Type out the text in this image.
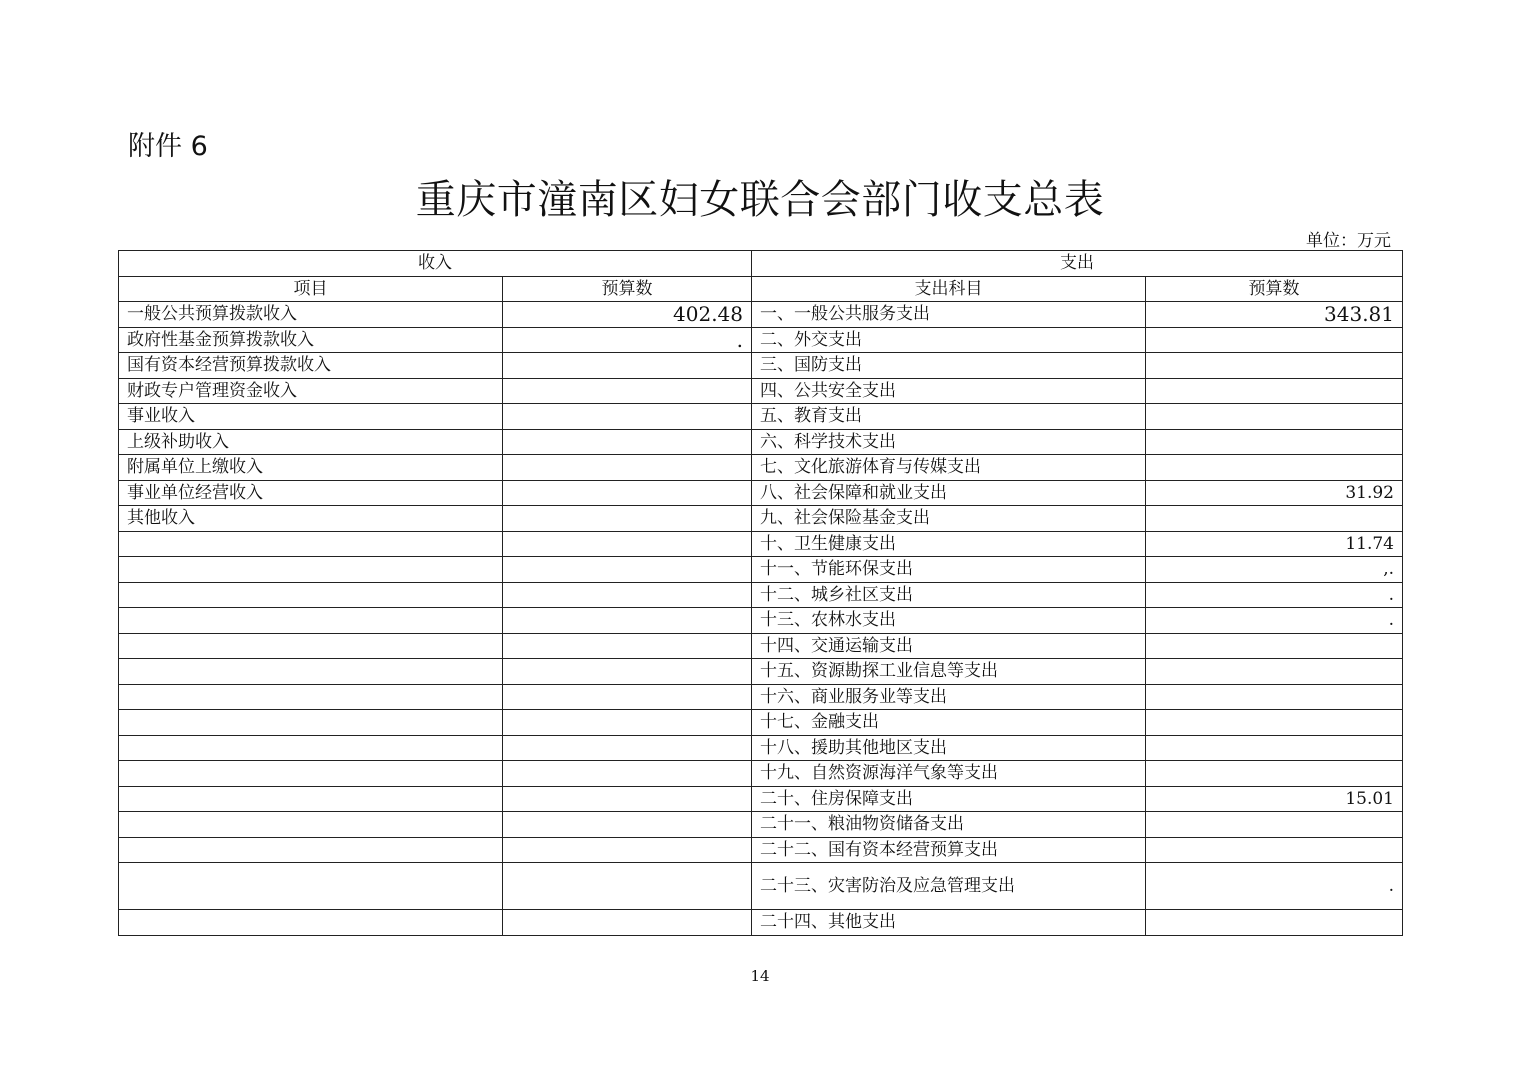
附件 6
重庆市潼南区妇女联合会部门收支总表
单位：万元
收入		支出	
项目	预算数	支出科目	预算数
一般公共预算拨款收入	402.48	一、一般公共服务支出	343.81
政府性基金预算拨款收入	.	二、外交支出	
国有资本经营预算拨款收入		三、国防支出	
财政专户管理资金收入		四、公共安全支出	
事业收入		五、教育支出	
上级补助收入		六、科学技术支出	
附属单位上缴收入		七、文化旅游体育与传媒支出	
事业单位经营收入		八、社会保障和就业支出	31.92
其他收入		九、社会保险基金支出	
		十、卫生健康支出	11.74
		十一、节能环保支出	,.
		十二、城乡社区支出	.
		十三、农林水支出	.
		十四、交通运输支出	
		十五、资源勘探工业信息等支出	
		十六、商业服务业等支出	
		十七、金融支出	
		十八、援助其他地区支出	
		十九、自然资源海洋气象等支出	
		二十、住房保障支出	15.01
		二十一、粮油物资储备支出	
		二十二、国有资本经营预算支出	
		二十三、灾害防治及应急管理支出	.
		二十四、其他支出	
14
